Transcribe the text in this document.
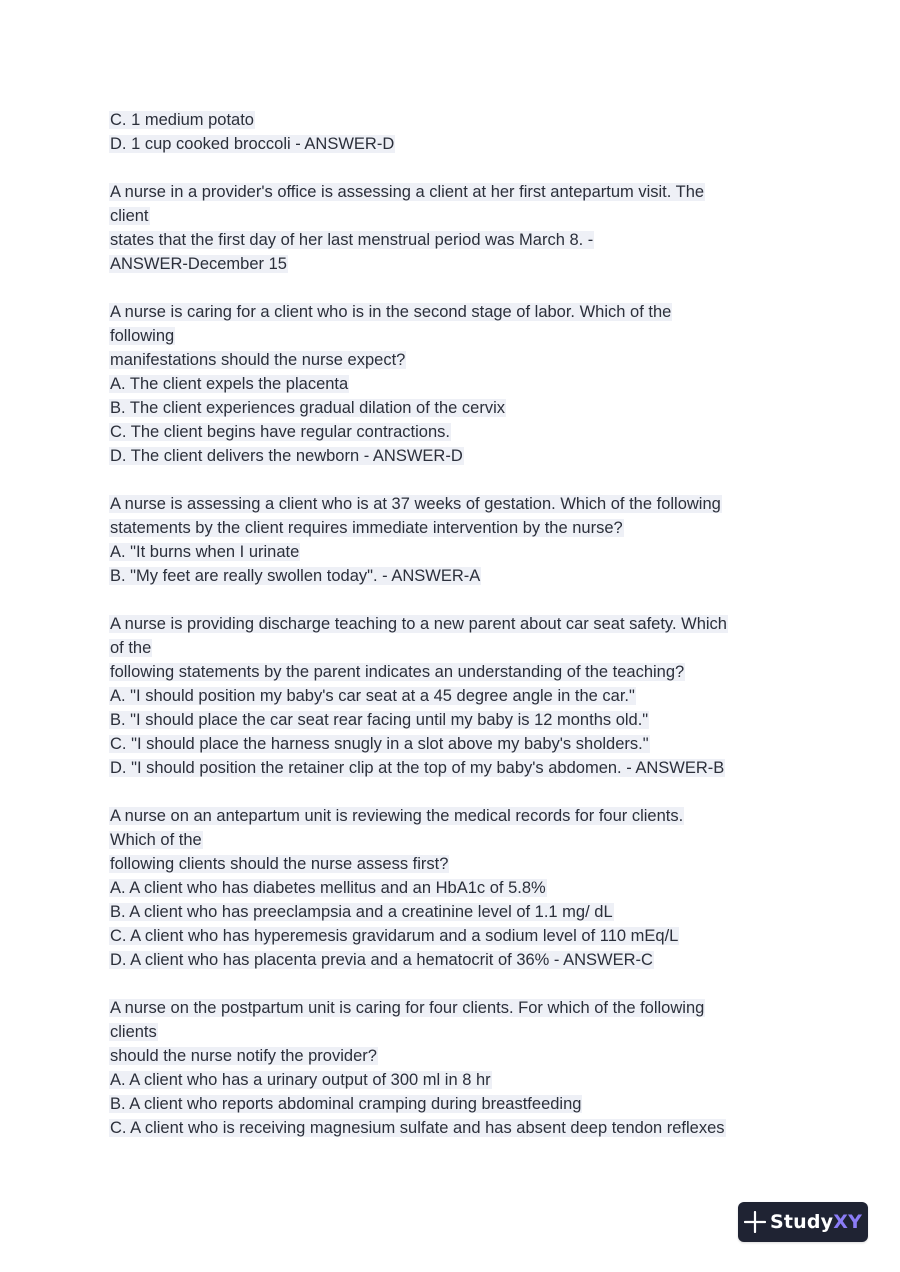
C. 1 medium potato
D. 1 cup cooked broccoli - ANSWER-D
A nurse in a provider's office is assessing a client at her first antepartum visit. The
client
states that the first day of her last menstrual period was March 8. -
ANSWER-December 15
A nurse is caring for a client who is in the second stage of labor. Which of the
following
manifestations should the nurse expect?
A. The client expels the placenta
B. The client experiences gradual dilation of the cervix
C. The client begins have regular contractions.
D. The client delivers the newborn - ANSWER-D
A nurse is assessing a client who is at 37 weeks of gestation. Which of the following
statements by the client requires immediate intervention by the nurse?
A. "It burns when I urinate
B. "My feet are really swollen today". - ANSWER-A
A nurse is providing discharge teaching to a new parent about car seat safety. Which
of the
following statements by the parent indicates an understanding of the teaching?
A. "I should position my baby's car seat at a 45 degree angle in the car."
B. "I should place the car seat rear facing until my baby is 12 months old."
C. "I should place the harness snugly in a slot above my baby's sholders."
D. "I should position the retainer clip at the top of my baby's abdomen. - ANSWER-B
A nurse on an antepartum unit is reviewing the medical records for four clients.
Which of the
following clients should the nurse assess first?
A. A client who has diabetes mellitus and an HbA1c of 5.8%
B. A client who has preeclampsia and a creatinine level of 1.1 mg/ dL
C. A client who has hyperemesis gravidarum and a sodium level of 110 mEq/L
D. A client who has placenta previa and a hematocrit of 36% - ANSWER-C
A nurse on the postpartum unit is caring for four clients. For which of the following
clients
should the nurse notify the provider?
A. A client who has a urinary output of 300 ml in 8 hr
B. A client who reports abdominal cramping during breastfeeding
C. A client who is receiving magnesium sulfate and has absent deep tendon reflexes
StudyXY
